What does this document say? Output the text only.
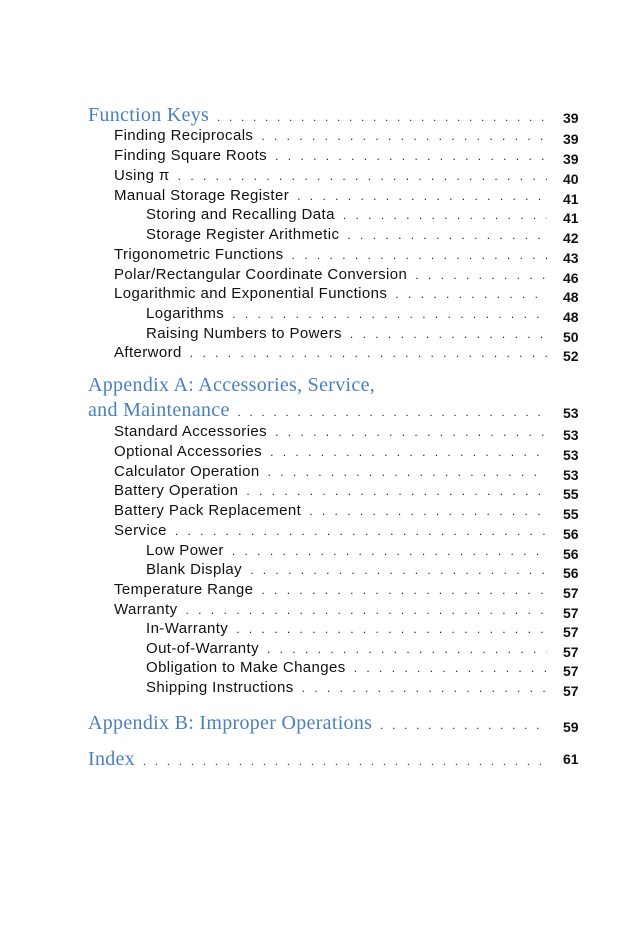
Function Keys . . .	39
Finding Reciprocals . . .	39
Finding Square Roots . . .	39
Using π . . .	40
Manual Storage Register . . .	41
Storing and Recalling Data . . .	41
Storage Register Arithmetic . . .	42
Trigonometric Functions . . .	43
Polar/Rectangular Coordinate Conversion . . .	46
Logarithmic and Exponential Functions . . .	48
Logarithms . . .	48
Raising Numbers to Powers . . .	50
Afterword . . .	52
Appendix A: Accessories, Service,
and Maintenance . . .	53
Standard Accessories . . .	53
Optional Accessories . . .	53
Calculator Operation . . .	53
Battery Operation . . .	55
Battery Pack Replacement . . .	55
Service . . .	56
Low Power . . .	56
Blank Display . . .	56
Temperature Range . . .	57
Warranty . . .	57
In-Warranty . . .	57
Out-of-Warranty . . .	57
Obligation to Make Changes . . .	57
Shipping Instructions . . .	57
Appendix B: Improper Operations . . .	59
Index . . .	61
